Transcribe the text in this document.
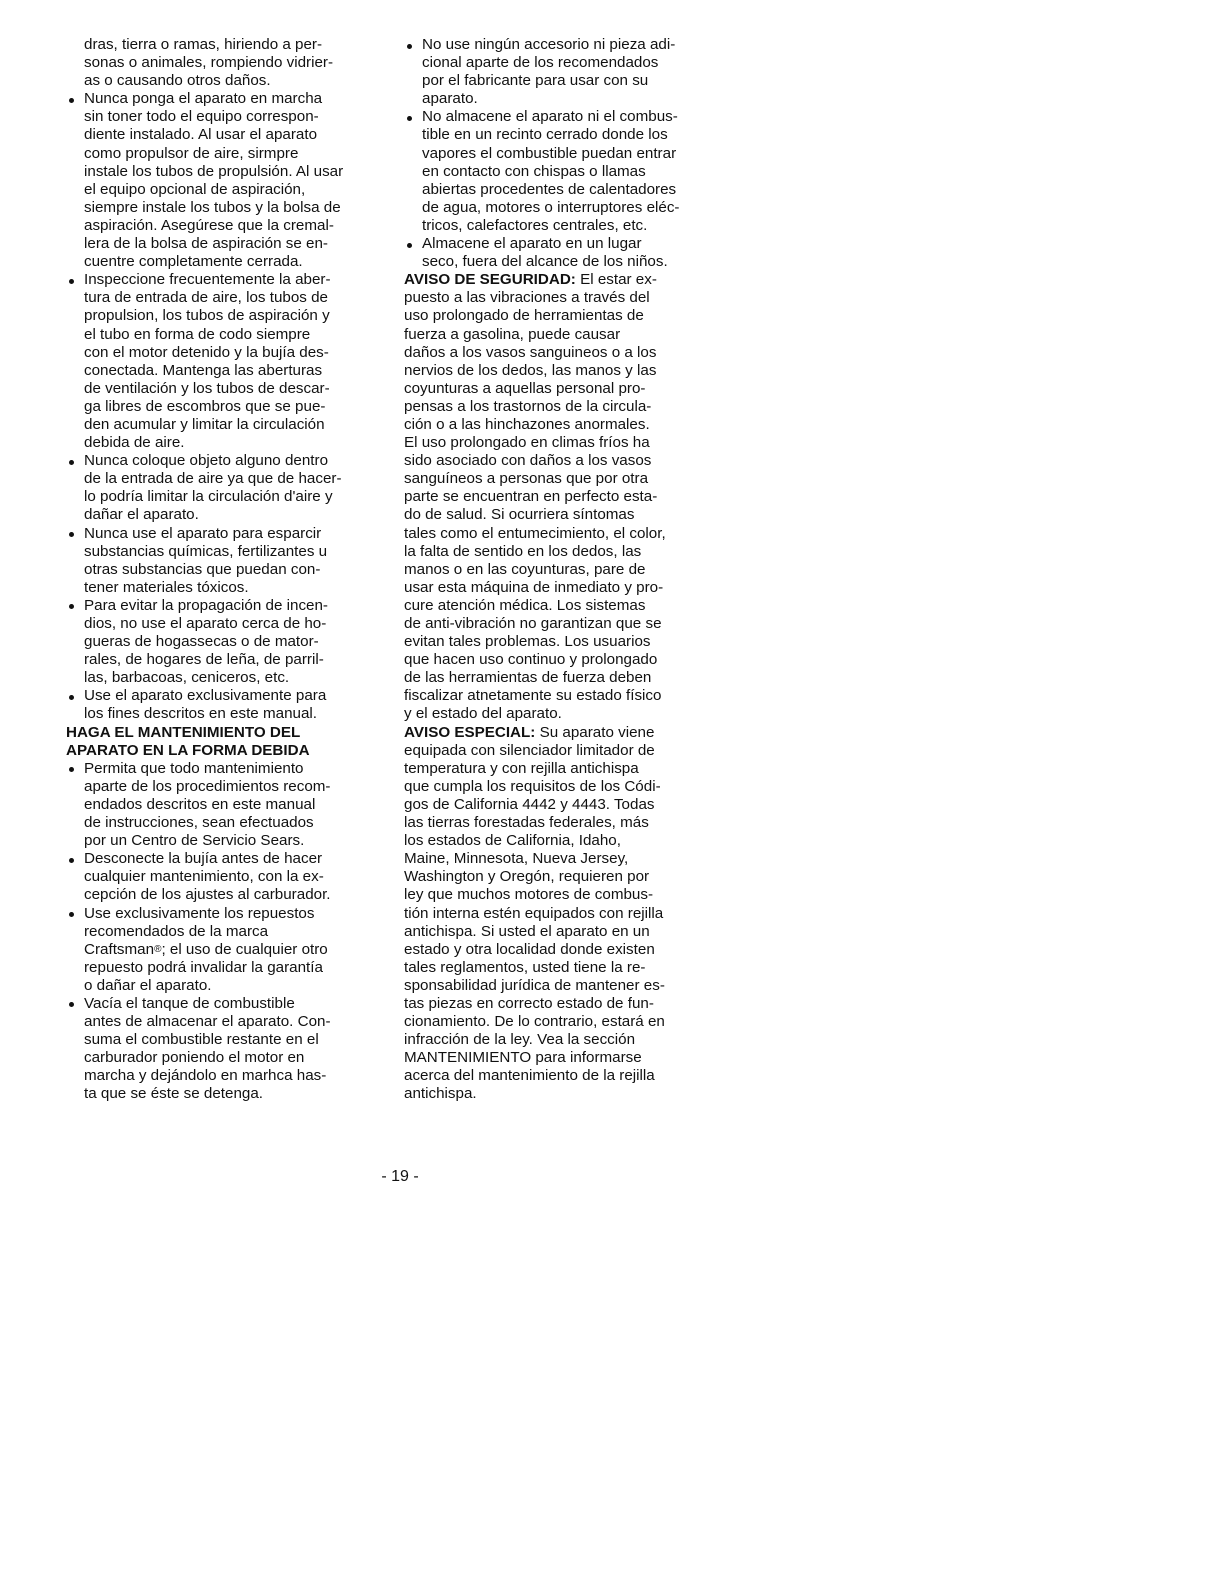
dras, tierra o ramas, hiriendo a per-
sonas o animales, rompiendo vidrier-
as o causando otros daños.
Nunca ponga el aparato en marcha
sin toner todo el equipo correspon-
diente instalado. Al usar el aparato
como propulsor de aire, sirmpre
instale los tubos de propulsión. Al usar
el equipo opcional de aspiración,
siempre instale los tubos y la bolsa de
aspiración. Asegúrese que la cremal-
lera de la bolsa de aspiración se en-
cuentre completamente cerrada.
Inspeccione frecuentemente la aber-
tura de entrada de aire, los tubos de
propulsion, los tubos de aspiración y
el tubo en forma de codo siempre
con el motor detenido y la bujía des-
conectada. Mantenga las aberturas
de ventilación y los tubos de descar-
ga libres de escombros que se pue-
den acumular y limitar la circulación
debida de aire.
Nunca coloque objeto alguno dentro
de la entrada de aire ya que de hacer-
lo podría limitar la circulación d'aire y
dañar el aparato.
Nunca use el aparato para esparcir
substancias químicas, fertilizantes u
otras substancias que puedan con-
tener materiales tóxicos.
Para evitar la propagación de incen-
dios, no use el aparato cerca de ho-
gueras de hogassecas o de mator-
rales, de hogares de leña, de parril-
las, barbacoas, ceniceros, etc.
Use el aparato exclusivamente para
los fines descritos en este manual.
HAGA EL MANTENIMIENTO DEL
APARATO EN LA FORMA DEBIDA
Permita que todo mantenimiento
aparte de los procedimientos recom-
endados descritos en este manual
de instrucciones, sean efectuados
por un Centro de Servicio Sears.
Desconecte la bujía antes de hacer
cualquier mantenimiento, con la ex-
cepción de los ajustes al carburador.
Use exclusivamente los repuestos
recomendados de la marca
Craftsman®; el uso de cualquier otro
repuesto podrá invalidar la garantía
o dañar el aparato.
Vacía el tanque de combustible
antes de almacenar el aparato. Con-
suma el combustible restante en el
carburador poniendo el motor en
marcha y dejándolo en marhca has-
ta que se éste se detenga.
No use ningún accesorio ni pieza adi-
cional aparte de los recomendados
por el fabricante para usar con su
aparato.
No almacene el aparato ni el combus-
tible en un recinto cerrado donde los
vapores el combustible puedan entrar
en contacto con chispas o llamas
abiertas procedentes de calentadores
de agua, motores o interruptores eléc-
tricos, calefactores centrales, etc.
Almacene el aparato en un lugar
seco, fuera del alcance de los niños.
AVISO DE SEGURIDAD: El estar ex-
puesto a las vibraciones a través del
uso prolongado de herramientas de
fuerza a gasolina, puede causar
daños a los vasos sanguineos o a los
nervios de los dedos, las manos y las
coyunturas a aquellas personal pro-
pensas a los trastornos de la circula-
ción o a las hinchazones anormales.
El uso prolongado en climas fríos ha
sido asociado con daños a los vasos
sanguíneos a personas que por otra
parte se encuentran en perfecto esta-
do de salud. Si ocurriera síntomas
tales como el entumecimiento, el color,
la falta de sentido en los dedos, las
manos o en las coyunturas, pare de
usar esta máquina de inmediato y pro-
cure atención médica. Los sistemas
de anti-vibración no garantizan que se
evitan tales problemas. Los usuarios
que hacen uso continuo y prolongado
de las herramientas de fuerza deben
fiscalizar atnetamente su estado físico
y el estado del aparato.
AVISO ESPECIAL: Su aparato viene
equipada con silenciador limitador de
temperatura y con rejilla antichispa
que cumpla los requisitos de los Códi-
gos de California 4442 y 4443. Todas
las tierras forestadas federales, más
los estados de California, Idaho,
Maine, Minnesota, Nueva Jersey,
Washington y Oregón, requieren por
ley que muchos motores de combus-
tión interna estén equipados con rejilla
antichispa. Si usted el aparato en un
estado y otra localidad donde existen
tales reglamentos, usted tiene la re-
sponsabilidad jurídica de mantener es-
tas piezas en correcto estado de fun-
cionamiento. De lo contrario, estará en
infracción de la ley. Vea la sección
MANTENIMIENTO para informarse
acerca del mantenimiento de la rejilla
antichispa.
- 19 -
